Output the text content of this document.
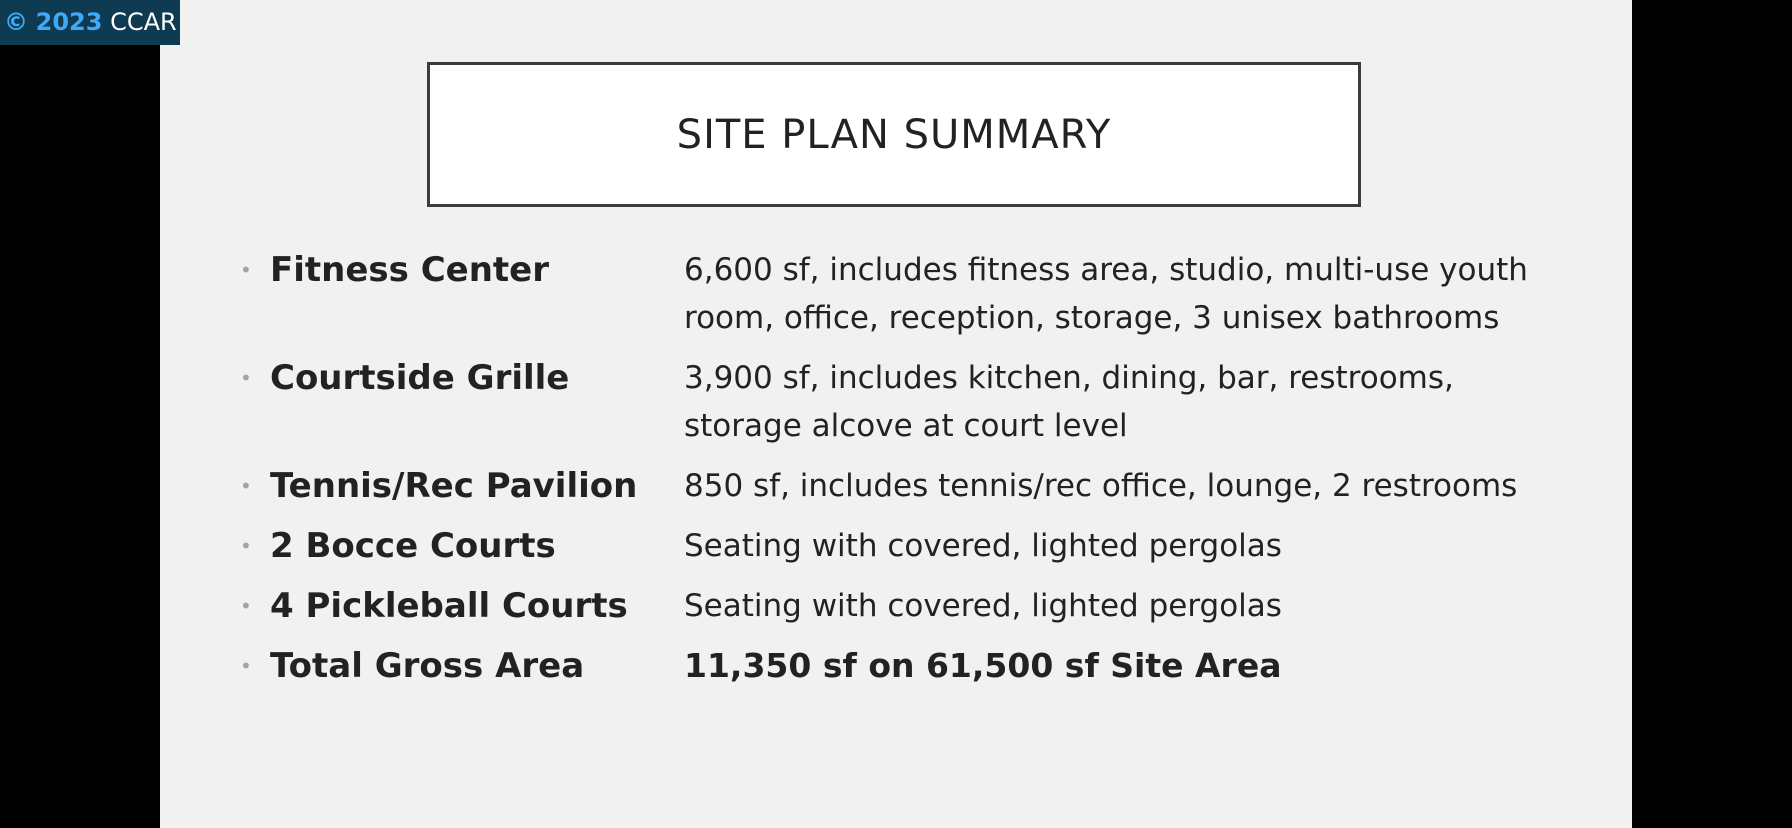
© 2023 CCAR
SITE PLAN SUMMARY
• Fitness Center	6,600 sf, includes fitness area, studio, multi-use youth room, office, reception, storage, 3 unisex bathrooms
• Courtside Grille	3,900 sf, includes kitchen, dining, bar, restrooms, storage alcove at court level
• Tennis/Rec Pavilion	850 sf, includes tennis/rec office, lounge, 2 restrooms
• 2 Bocce Courts	Seating with covered, lighted pergolas
• 4 Pickleball Courts	Seating with covered, lighted pergolas
• Total Gross Area	11,350 sf on 61,500 sf Site Area
